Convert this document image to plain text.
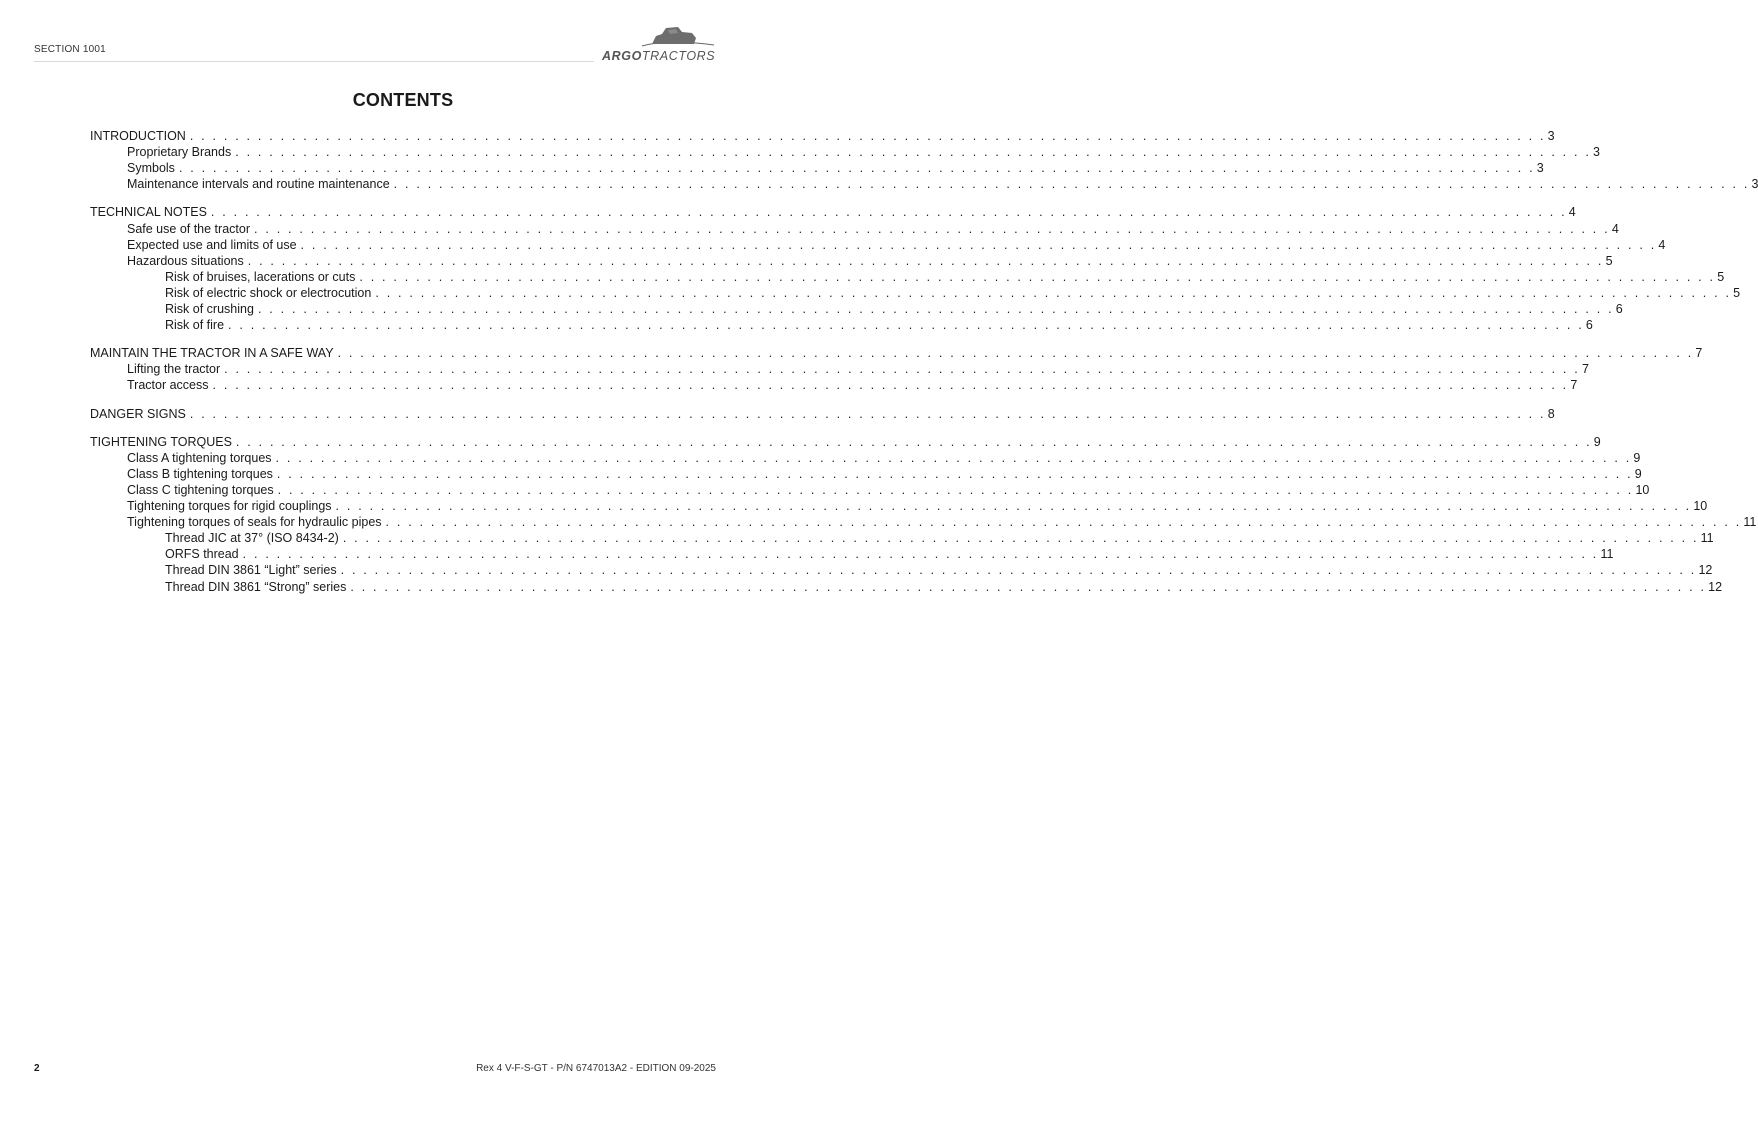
SECTION 1001	ARGOTRACTORS
CONTENTS
INTRODUCTION . . . . . . . . . . . . . . . . . . . . . . . . . . . . . . . . . . . . . . . . . . . . . . . . . . . . . . . . . . . . . . . . . . . . . . . . . . . . . . . . . . . . . . . . . . . . . . . . . . . . . . . . . . . . . . . . . . . . . . . . 3
Proprietary Brands . . . . . . . . . . . . . . . . . . . . . . . . . . . . . . . . . . . . . . . . . . . . . . . . . . . . . . . . . . . . . . . . . . . . . . . . . . . . . . . . . . . . . . . . . . . . . . . . . . . . . . . . . . . . . . . . . . . . . . . . 3
Symbols . . . . . . . . . . . . . . . . . . . . . . . . . . . . . . . . . . . . . . . . . . . . . . . . . . . . . . . . . . . . . . . . . . . . . . . . . . . . . . . . . . . . . . . . . . . . . . . . . . . . . . . . . . . . . . . . . . . . . . . . 3
Maintenance intervals and routine maintenance . . . . . . . . . . . . . . . . . . . . . . . . . . . . . . . . . . . . . . . . . . . . . . . . . . . . . . . . . . . . . . . . . . . . . . . . . . . . . . . . . . . . . . . . . . . . . . . . . . . . . . . . . . . . . . . . . . . . . . . . 3
TECHNICAL NOTES . . . . . . . . . . . . . . . . . . . . . . . . . . . . . . . . . . . . . . . . . . . . . . . . . . . . . . . . . . . . . . . . . . . . . . . . . . . . . . . . . . . . . . . . . . . . . . . . . . . . . . . . . . . . . . . . . . . . . . . . 4
Safe use of the tractor . . . . . . . . . . . . . . . . . . . . . . . . . . . . . . . . . . . . . . . . . . . . . . . . . . . . . . . . . . . . . . . . . . . . . . . . . . . . . . . . . . . . . . . . . . . . . . . . . . . . . . . . . . . . . . . . . . . . . . . . 4
Expected use and limits of use . . . . . . . . . . . . . . . . . . . . . . . . . . . . . . . . . . . . . . . . . . . . . . . . . . . . . . . . . . . . . . . . . . . . . . . . . . . . . . . . . . . . . . . . . . . . . . . . . . . . . . . . . . . . . . . . . . . . . . . . 4
Hazardous situations . . . . . . . . . . . . . . . . . . . . . . . . . . . . . . . . . . . . . . . . . . . . . . . . . . . . . . . . . . . . . . . . . . . . . . . . . . . . . . . . . . . . . . . . . . . . . . . . . . . . . . . . . . . . . . . . . . . . . . . . 5
Risk of bruises, lacerations or cuts . . . . . . . . . . . . . . . . . . . . . . . . . . . . . . . . . . . . . . . . . . . . . . . . . . . . . . . . . . . . . . . . . . . . . . . . . . . . . . . . . . . . . . . . . . . . . . . . . . . . . . . . . . . . . . . . . . . . . . . . 5
Risk of electric shock or electrocution . . . . . . . . . . . . . . . . . . . . . . . . . . . . . . . . . . . . . . . . . . . . . . . . . . . . . . . . . . . . . . . . . . . . . . . . . . . . . . . . . . . . . . . . . . . . . . . . . . . . . . . . . . . . . . . . . . . . . . . . 5
Risk of crushing . . . . . . . . . . . . . . . . . . . . . . . . . . . . . . . . . . . . . . . . . . . . . . . . . . . . . . . . . . . . . . . . . . . . . . . . . . . . . . . . . . . . . . . . . . . . . . . . . . . . . . . . . . . . . . . . . . . . . . . . 6
Risk of fire . . . . . . . . . . . . . . . . . . . . . . . . . . . . . . . . . . . . . . . . . . . . . . . . . . . . . . . . . . . . . . . . . . . . . . . . . . . . . . . . . . . . . . . . . . . . . . . . . . . . . . . . . . . . . . . . . . . . . . . . 6
MAINTAIN THE TRACTOR IN A SAFE WAY . . . . . . . . . . . . . . . . . . . . . . . . . . . . . . . . . . . . . . . . . . . . . . . . . . . . . . . . . . . . . . . . . . . . . . . . . . . . . . . . . . . . . . . . . . . . . . . . . . . . . . . . . . . . . . . . . . . . . . . . 7
Lifting the tractor . . . . . . . . . . . . . . . . . . . . . . . . . . . . . . . . . . . . . . . . . . . . . . . . . . . . . . . . . . . . . . . . . . . . . . . . . . . . . . . . . . . . . . . . . . . . . . . . . . . . . . . . . . . . . . . . . . . . . . . . 7
Tractor access . . . . . . . . . . . . . . . . . . . . . . . . . . . . . . . . . . . . . . . . . . . . . . . . . . . . . . . . . . . . . . . . . . . . . . . . . . . . . . . . . . . . . . . . . . . . . . . . . . . . . . . . . . . . . . . . . . . . . . . . 7
DANGER SIGNS . . . . . . . . . . . . . . . . . . . . . . . . . . . . . . . . . . . . . . . . . . . . . . . . . . . . . . . . . . . . . . . . . . . . . . . . . . . . . . . . . . . . . . . . . . . . . . . . . . . . . . . . . . . . . . . . . . . . . . . . 8
TIGHTENING TORQUES . . . . . . . . . . . . . . . . . . . . . . . . . . . . . . . . . . . . . . . . . . . . . . . . . . . . . . . . . . . . . . . . . . . . . . . . . . . . . . . . . . . . . . . . . . . . . . . . . . . . . . . . . . . . . . . . . . . . . . . . 9
Class A tightening torques . . . . . . . . . . . . . . . . . . . . . . . . . . . . . . . . . . . . . . . . . . . . . . . . . . . . . . . . . . . . . . . . . . . . . . . . . . . . . . . . . . . . . . . . . . . . . . . . . . . . . . . . . . . . . . . . . . . . . . . . 9
Class B tightening torques . . . . . . . . . . . . . . . . . . . . . . . . . . . . . . . . . . . . . . . . . . . . . . . . . . . . . . . . . . . . . . . . . . . . . . . . . . . . . . . . . . . . . . . . . . . . . . . . . . . . . . . . . . . . . . . . . . . . . . . . 9
Class C tightening torques . . . . . . . . . . . . . . . . . . . . . . . . . . . . . . . . . . . . . . . . . . . . . . . . . . . . . . . . . . . . . . . . . . . . . . . . . . . . . . . . . . . . . . . . . . . . . . . . . . . . . . . . . . . . . . . . . . . . . . . . 10
Tightening torques for rigid couplings . . . . . . . . . . . . . . . . . . . . . . . . . . . . . . . . . . . . . . . . . . . . . . . . . . . . . . . . . . . . . . . . . . . . . . . . . . . . . . . . . . . . . . . . . . . . . . . . . . . . . . . . . . . . . . . . . . . . . . . . 10
Tightening torques of seals for hydraulic pipes . . . . . . . . . . . . . . . . . . . . . . . . . . . . . . . . . . . . . . . . . . . . . . . . . . . . . . . . . . . . . . . . . . . . . . . . . . . . . . . . . . . . . . . . . . . . . . . . . . . . . . . . . . . . . . . . . . . . . . . . 11
Thread JIC at 37° (ISO 8434-2) . . . . . . . . . . . . . . . . . . . . . . . . . . . . . . . . . . . . . . . . . . . . . . . . . . . . . . . . . . . . . . . . . . . . . . . . . . . . . . . . . . . . . . . . . . . . . . . . . . . . . . . . . . . . . . . . . . . . . . . . 11
ORFS thread . . . . . . . . . . . . . . . . . . . . . . . . . . . . . . . . . . . . . . . . . . . . . . . . . . . . . . . . . . . . . . . . . . . . . . . . . . . . . . . . . . . . . . . . . . . . . . . . . . . . . . . . . . . . . . . . . . . . . . . . 11
Thread DIN 3861 “Light” series . . . . . . . . . . . . . . . . . . . . . . . . . . . . . . . . . . . . . . . . . . . . . . . . . . . . . . . . . . . . . . . . . . . . . . . . . . . . . . . . . . . . . . . . . . . . . . . . . . . . . . . . . . . . . . . . . . . . . . . . 12
Thread DIN 3861 “Strong” series . . . . . . . . . . . . . . . . . . . . . . . . . . . . . . . . . . . . . . . . . . . . . . . . . . . . . . . . . . . . . . . . . . . . . . . . . . . . . . . . . . . . . . . . . . . . . . . . . . . . . . . . . . . . . . . . . . . . . . . . 12
2	Rex 4 V-F-S-GT - P/N 6747013A2 - EDITION 09-2025
